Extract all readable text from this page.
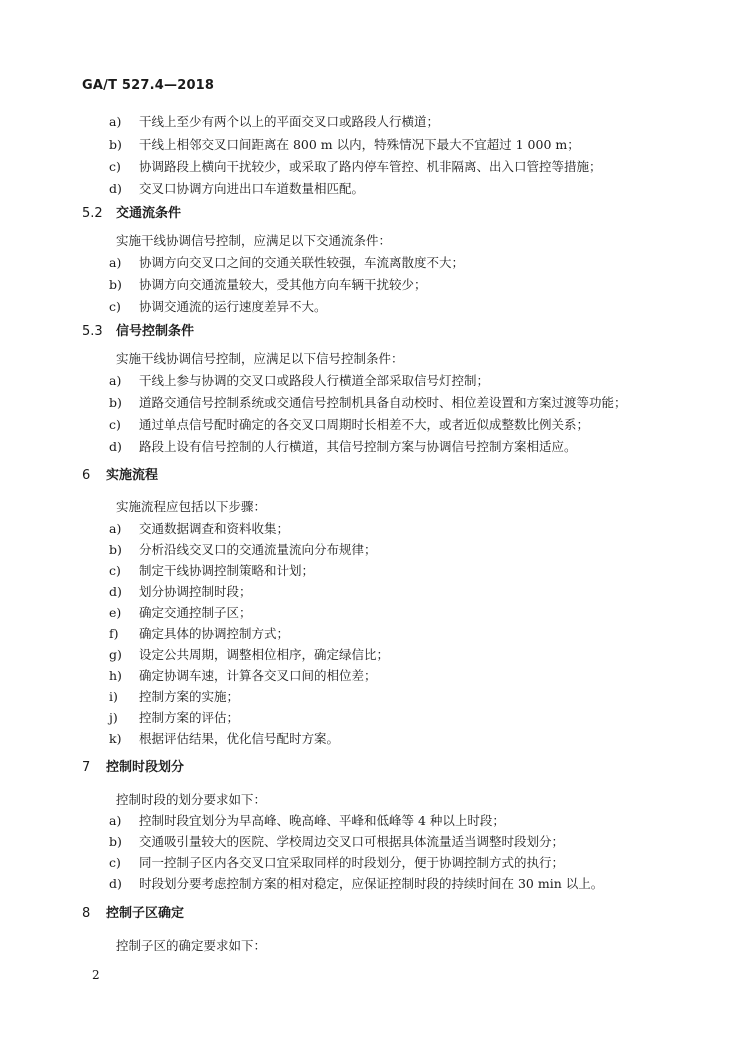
GA/T 527.4—2018
a) 干线上至少有两个以上的平面交叉口或路段人行横道；
b) 干线上相邻交叉口间距离在 800 m 以内，特殊情况下最大不宜超过 1 000 m；
c) 协调路段上横向干扰较少，或采取了路内停车管控、机非隔离、出入口管控等措施；
d) 交叉口协调方向进出口车道数量相匹配。
5.2 交通流条件
实施干线协调信号控制，应满足以下交通流条件：
a) 协调方向交叉口之间的交通关联性较强，车流离散度不大；
b) 协调方向交通流量较大，受其他方向车辆干扰较少；
c) 协调交通流的运行速度差异不大。
5.3 信号控制条件
实施干线协调信号控制，应满足以下信号控制条件：
a) 干线上参与协调的交叉口或路段人行横道全部采取信号灯控制；
b) 道路交通信号控制系统或交通信号控制机具备自动校时、相位差设置和方案过渡等功能；
c) 通过单点信号配时确定的各交叉口周期时长相差不大，或者近似成整数比例关系；
d) 路段上设有信号控制的人行横道，其信号控制方案与协调信号控制方案相适应。
6 实施流程
实施流程应包括以下步骤：
a) 交通数据调查和资料收集；
b) 分析沿线交叉口的交通流量流向分布规律；
c) 制定干线协调控制策略和计划；
d) 划分协调控制时段；
e) 确定交通控制子区；
f) 确定具体的协调控制方式；
g) 设定公共周期，调整相位相序，确定绿信比；
h) 确定协调车速，计算各交叉口间的相位差；
i) 控制方案的实施；
j) 控制方案的评估；
k) 根据评估结果，优化信号配时方案。
7 控制时段划分
控制时段的划分要求如下：
a) 控制时段宜划分为早高峰、晚高峰、平峰和低峰等 4 种以上时段；
b) 交通吸引量较大的医院、学校周边交叉口可根据具体流量适当调整时段划分；
c) 同一控制子区内各交叉口宜采取同样的时段划分，便于协调控制方式的执行；
d) 时段划分要考虑控制方案的相对稳定，应保证控制时段的持续时间在 30 min 以上。
8 控制子区确定
控制子区的确定要求如下：
2
